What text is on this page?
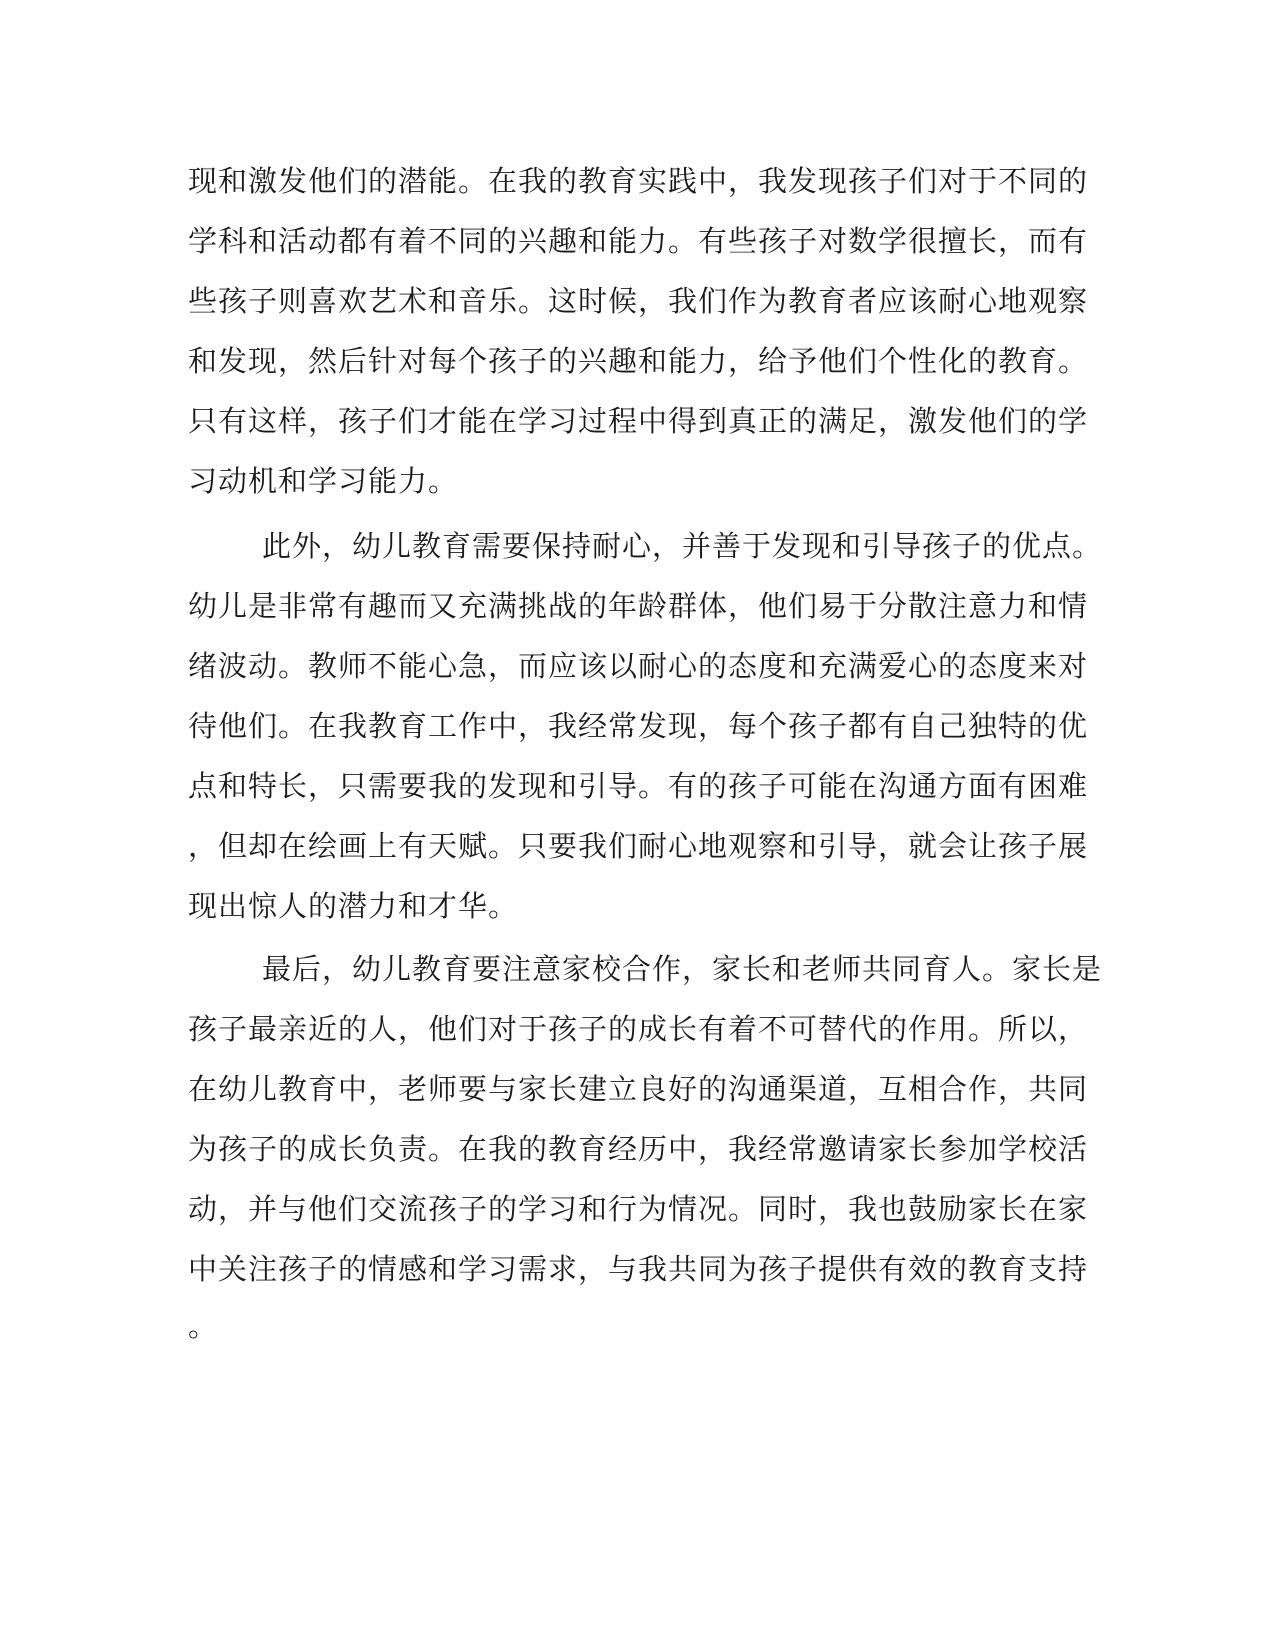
现和激发他们的潜能。在我的教育实践中，我发现孩子们对于不同的

学科和活动都有着不同的兴趣和能力。有些孩子对数学很擅长，而有

些孩子则喜欢艺术和音乐。这时候，我们作为教育者应该耐心地观察

和发现，然后针对每个孩子的兴趣和能力，给予他们个性化的教育。

只有这样，孩子们才能在学习过程中得到真正的满足，激发他们的学

习动机和学习能力。

此外，幼儿教育需要保持耐心，并善于发现和引导孩子的优点。

幼儿是非常有趣而又充满挑战的年龄群体，他们易于分散注意力和情

绪波动。教师不能心急，而应该以耐心的态度和充满爱心的态度来对

待他们。在我教育工作中，我经常发现，每个孩子都有自己独特的优

点和特长，只需要我的发现和引导。有的孩子可能在沟通方面有困难

，但却在绘画上有天赋。只要我们耐心地观察和引导，就会让孩子展

现出惊人的潜力和才华。

最后，幼儿教育要注意家校合作，家长和老师共同育人。家长是

孩子最亲近的人，他们对于孩子的成长有着不可替代的作用。所以，

在幼儿教育中，老师要与家长建立良好的沟通渠道，互相合作，共同

为孩子的成长负责。在我的教育经历中，我经常邀请家长参加学校活

动，并与他们交流孩子的学习和行为情况。同时，我也鼓励家长在家

中关注孩子的情感和学习需求，与我共同为孩子提供有效的教育支持

。
